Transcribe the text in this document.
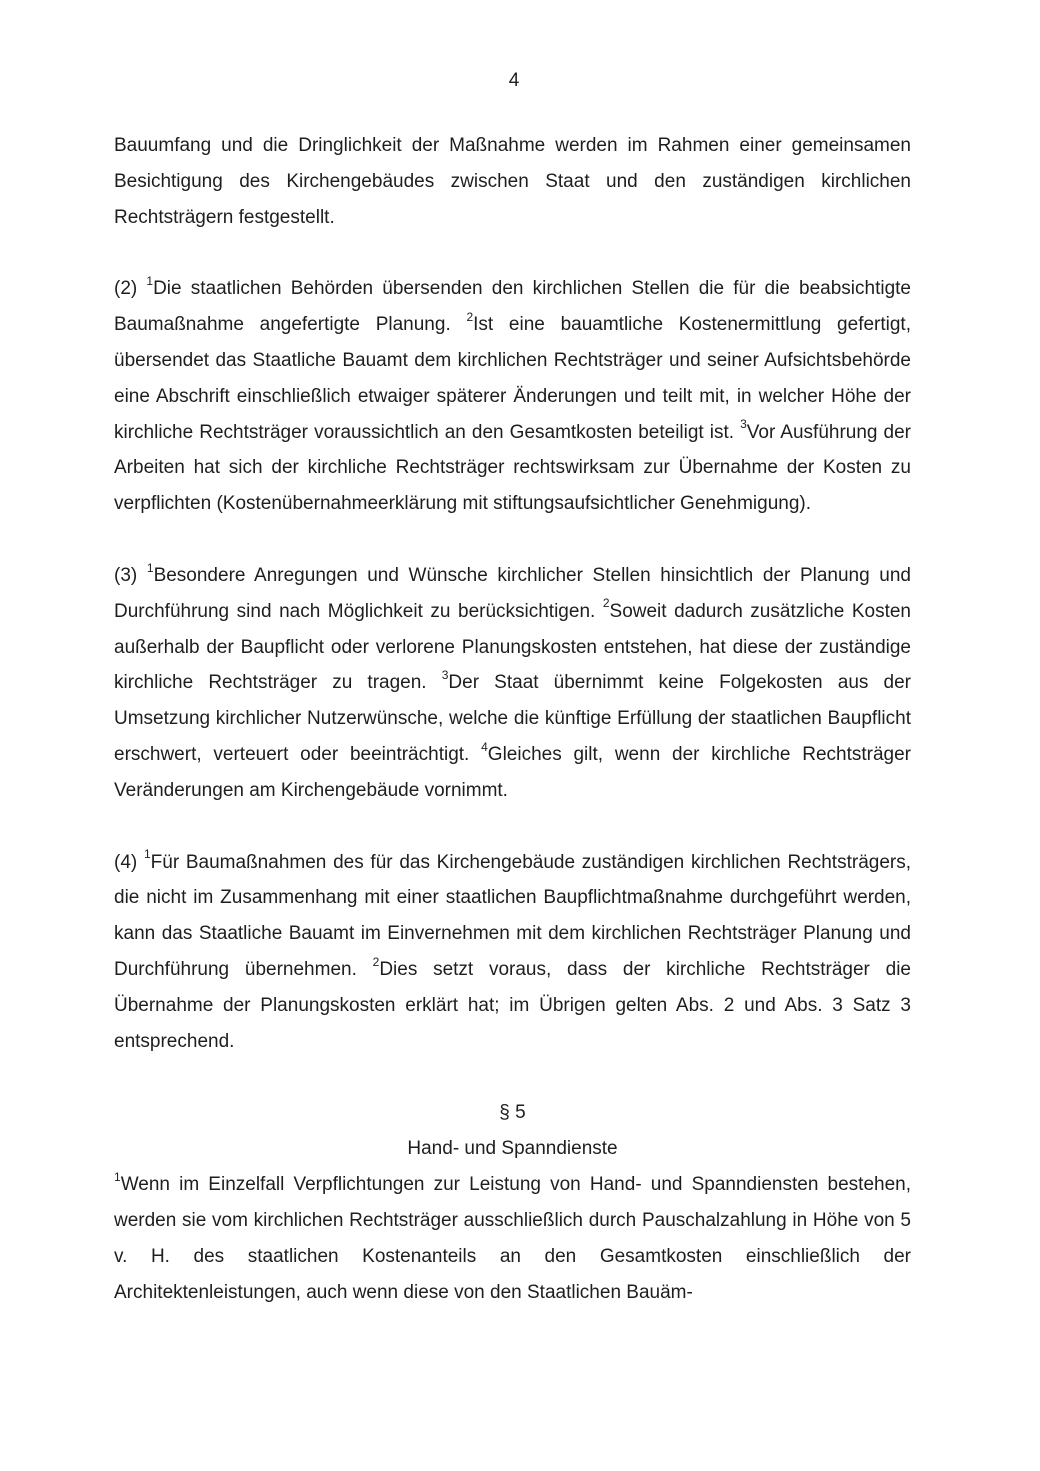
4

Bauumfang und die Dringlichkeit der Maßnahme werden im Rahmen einer gemeinsamen Besichtigung des Kirchengebäudes zwischen Staat und den zuständigen kirchlichen Rechtsträgern festgestellt.

(2) $^1$Die staatlichen Behörden übersenden den kirchlichen Stellen die für die beabsichtigte Baumaßnahme angefertigte Planung. $^2$Ist eine bauamtliche Kostenermittlung gefertigt, übersendet das Staatliche Bauamt dem kirchlichen Rechtsträger und seiner Aufsichtsbehörde eine Abschrift einschließlich etwaiger späterer Änderungen und teilt mit, in welcher Höhe der kirchliche Rechtsträger voraussichtlich an den Gesamtkosten beteiligt ist. $^3$Vor Ausführung der Arbeiten hat sich der kirchliche Rechtsträger rechtswirksam zur Übernahme der Kosten zu verpflichten (Kostenübernahmeerklärung mit stiftungsaufsichtlicher Genehmigung).

(3) $^1$Besondere Anregungen und Wünsche kirchlicher Stellen hinsichtlich der Planung und Durchführung sind nach Möglichkeit zu berücksichtigen. $^2$Soweit dadurch zusätzliche Kosten außerhalb der Baupflicht oder verlorene Planungskosten entstehen, hat diese der zuständige kirchliche Rechtsträger zu tragen. $^3$Der Staat übernimmt keine Folgekosten aus der Umsetzung kirchlicher Nutzerwünsche, welche die künftige Erfüllung der staatlichen Baupflicht erschwert, verteuert oder beeinträchtigt. $^4$Gleiches gilt, wenn der kirchliche Rechtsträger Veränderungen am Kirchengebäude vornimmt.

(4) $^1$Für Baumaßnahmen des für das Kirchengebäude zuständigen kirchlichen Rechtsträgers, die nicht im Zusammenhang mit einer staatlichen Baupflichtmaßnahme durchgeführt werden, kann das Staatliche Bauamt im Einvernehmen mit dem kirchlichen Rechtsträger Planung und Durchführung übernehmen. $^2$Dies setzt voraus, dass der kirchliche Rechtsträger die Übernahme der Planungskosten erklärt hat; im Übrigen gelten Abs. 2 und Abs. 3 Satz 3 entsprechend.

§ 5

Hand- und Spanndienste

$^1$Wenn im Einzelfall Verpflichtungen zur Leistung von Hand- und Spanndiensten bestehen, werden sie vom kirchlichen Rechtsträger ausschließlich durch Pauschalzahlung in Höhe von 5 v. H. des staatlichen Kostenanteils an den Gesamtkosten einschließlich der Architektenleistungen, auch wenn diese von den Staatlichen Bauäm-
